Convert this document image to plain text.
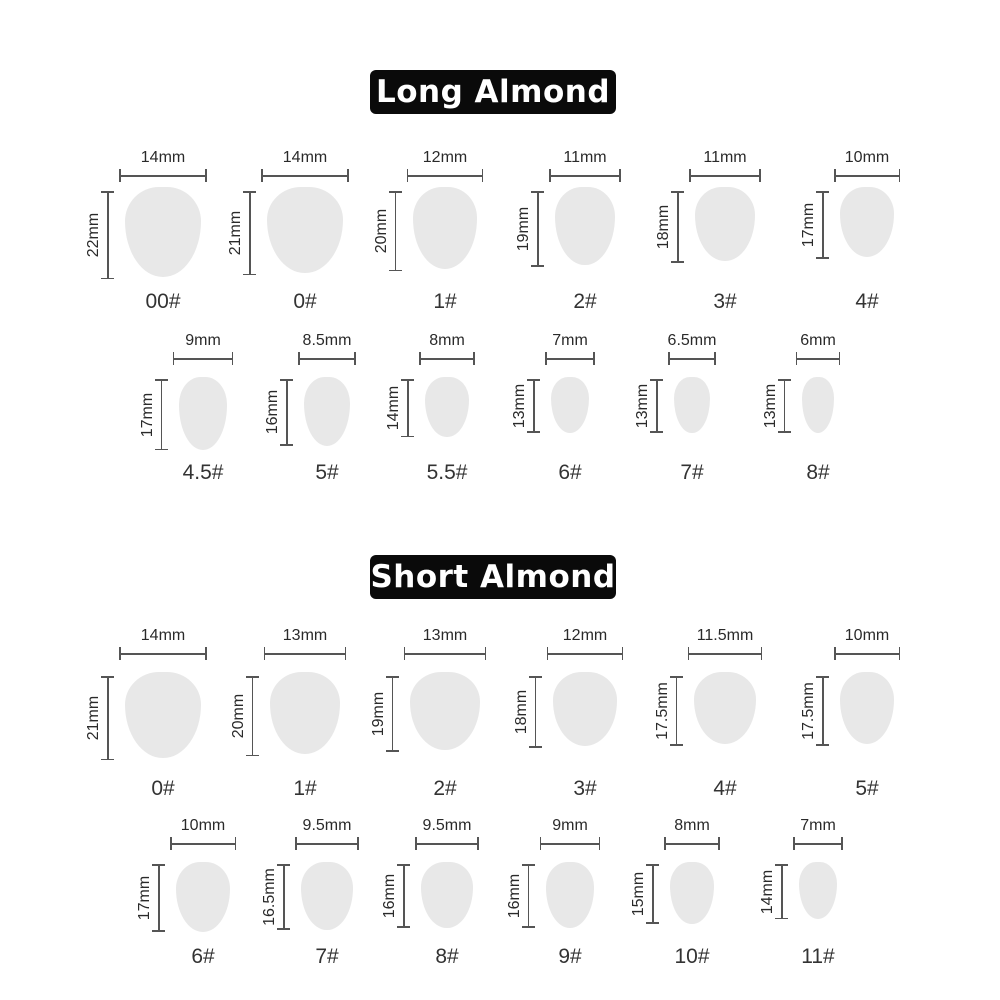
Long Almond
14mm
22mm
00#
14mm
21mm
0#
12mm
20mm
1#
11mm
19mm
2#
11mm
18mm
3#
10mm
17mm
4#
9mm
17mm
4.5#
8.5mm
16mm
5#
8mm
14mm
5.5#
7mm
13mm
6#
6.5mm
13mm
7#
6mm
13mm
8#
Short Almond
14mm
21mm
0#
13mm
20mm
1#
13mm
19mm
2#
12mm
18mm
3#
11.5mm
17.5mm
4#
10mm
17.5mm
5#
10mm
17mm
6#
9.5mm
16.5mm
7#
9.5mm
16mm
8#
9mm
16mm
9#
8mm
15mm
10#
7mm
14mm
11#
